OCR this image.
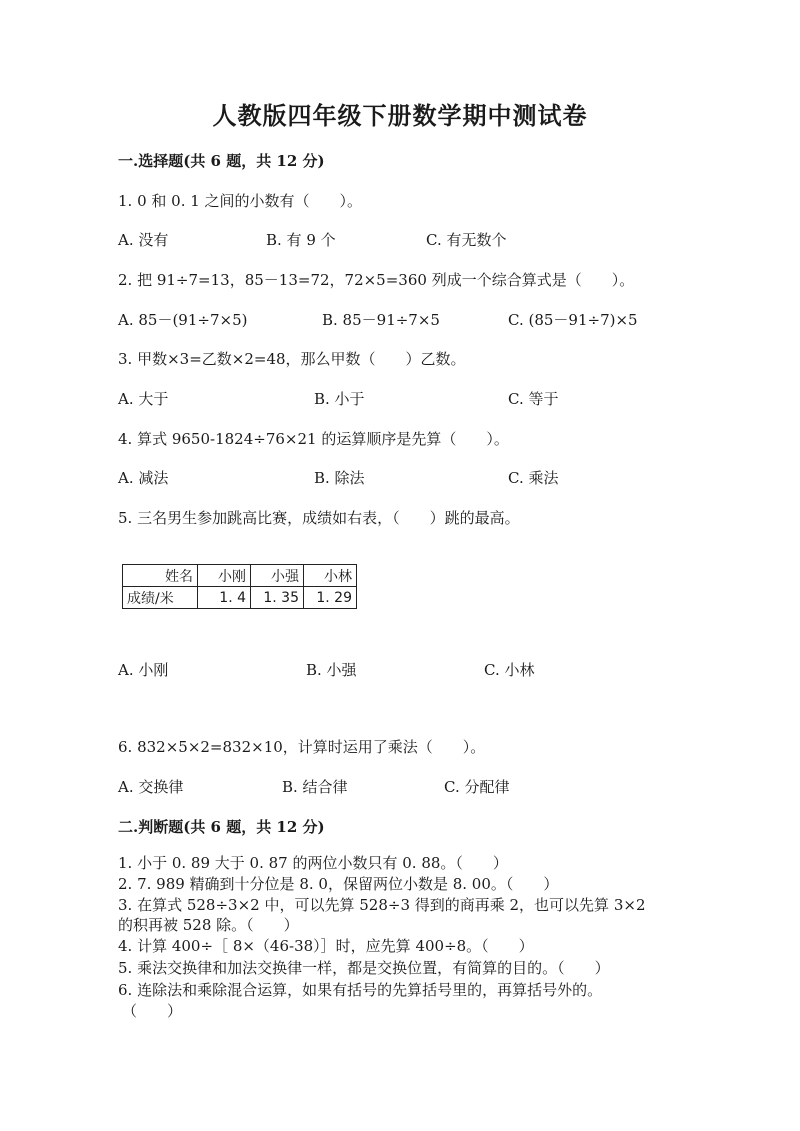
人教版四年级下册数学期中测试卷
一.选择题(共 6 题，共 12 分)
1. 0 和 0. 1 之间的小数有（　　）。
A. 没有	B. 有 9 个	C. 有无数个
2. 把 91÷7=13，85－13=72，72×5=360 列成一个综合算式是（　　）。
A. 85－(91÷7×5)	B. 85－91÷7×5	C. (85－91÷7)×5
3. 甲数×3=乙数×2=48，那么甲数（　　）乙数。
A. 大于	B. 小于	C. 等于
4. 算式 9650-1824÷76×21 的运算顺序是先算（　　）。
A. 减法	B. 除法	C. 乘法
5. 三名男生参加跳高比赛，成绩如右表，（　　）跳的最高。
姓名	小刚	小强	小林
成绩/米	1. 4	1. 35	1. 29
A. 小刚	B. 小强	C. 小林
6. 832×5×2=832×10，计算时运用了乘法（　　）。
A. 交换律	B. 结合律	C. 分配律
二.判断题(共 6 题，共 12 分)
1. 小于 0. 89 大于 0. 87 的两位小数只有 0. 88。（　　）
2. 7. 989 精确到十分位是 8. 0，保留两位小数是 8. 00。（　　）
3. 在算式 528÷3×2 中，可以先算 528÷3 得到的商再乘 2，也可以先算 3×2
的积再被 528 除。（　　）
4. 计算 400÷［ 8×（46-38）］时，应先算 400÷8。（　　）
5. 乘法交换律和加法交换律一样，都是交换位置，有简算的目的。（　　）
6. 连除法和乘除混合运算，如果有括号的先算括号里的，再算括号外的。
（　　）
